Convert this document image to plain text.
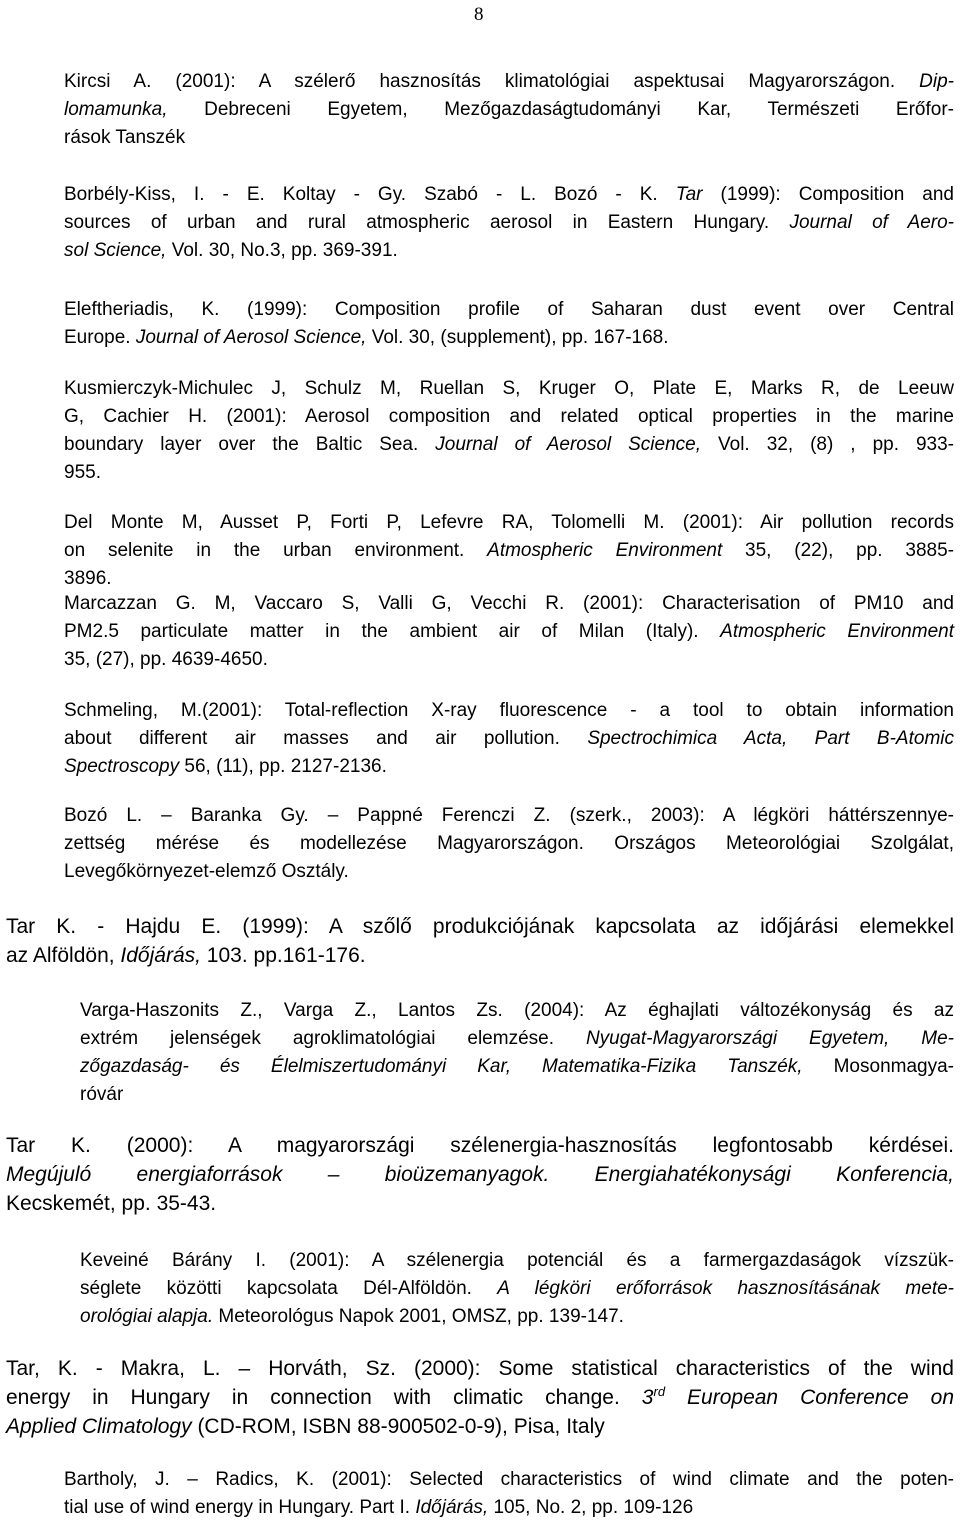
8
Kircsi A. (2001): A szélerő hasznosítás klimatológiai aspektusai Magyarországon. Dip-
lomamunka, Debreceni Egyetem, Mezőgazdaságtudományi Kar, Természeti Erőfor-
rások Tanszék
Borbély-Kiss, I. - E. Koltay - Gy. Szabó - L. Bozó - K. Tar (1999): Composition and
sources of urban and rural atmospheric aerosol in Eastern Hungary. Journal of Aero-
sol Science, Vol. 30, No.3, pp. 369-391.
Eleftheriadis, K. (1999): Composition profile of Saharan dust event over Central
Europe. Journal of Aerosol Science, Vol. 30, (supplement), pp. 167-168.
Kusmierczyk-Michulec J, Schulz M, Ruellan S, Kruger O, Plate E, Marks R, de Leeuw
G, Cachier H. (2001): Aerosol composition and related optical properties in the marine
boundary layer over the Baltic Sea. Journal of Aerosol Science, Vol. 32, (8) , pp. 933-
955.
Del Monte M, Ausset P, Forti P, Lefevre RA, Tolomelli M. (2001): Air pollution records
on selenite in the urban environment. Atmospheric Environment 35, (22), pp. 3885-
3896.
Marcazzan G. M, Vaccaro S, Valli G, Vecchi R. (2001): Characterisation of PM10 and
PM2.5 particulate matter in the ambient air of Milan (Italy). Atmospheric Environment
35, (27), pp. 4639-4650.
Schmeling, M.(2001): Total-reflection X-ray fluorescence - a tool to obtain information
about different air masses and air pollution. Spectrochimica Acta, Part B-Atomic
Spectroscopy 56, (11), pp. 2127-2136.
Bozó L. – Baranka Gy. – Pappné Ferenczi Z. (szerk., 2003): A légköri háttérszennye-
zettség mérése és modellezése Magyarországon. Országos Meteorológiai Szolgálat,
Levegőkörnyezet-elemző Osztály.
Tar K. - Hajdu E. (1999): A szőlő produkciójának kapcsolata az időjárási elemekkel
az Alföldön, Időjárás, 103. pp.161-176.
Varga-Haszonits Z., Varga Z., Lantos Zs. (2004): Az éghajlati változékonyság és az
extrém jelenségek agroklimatológiai elemzése. Nyugat-Magyarországi Egyetem, Me-
zőgazdaság- és Élelmiszertudományi Kar, Matematika-Fizika Tanszék, Mosonmagya-
róvár
Tar K. (2000): A magyarországi szélenergia-hasznosítás legfontosabb kérdései.
Megújuló energiaforrások – bioüzemanyagok. Energiahatékonysági Konferencia,
Kecskemét, pp. 35-43.
Keveiné Bárány I. (2001): A szélenergia potenciál és a farmergazdaságok vízszük-
séglete közötti kapcsolata Dél-Alföldön. A légköri erőforrások hasznosításának mete-
orológiai alapja. Meteorológus Napok 2001, OMSZ, pp. 139-147.
Tar, K. - Makra, L. – Horváth, Sz. (2000): Some statistical characteristics of the wind
energy in Hungary in connection with climatic change. 3rd European Conference on
Applied Climatology (CD-ROM, ISBN 88-900502-0-9), Pisa, Italy
Bartholy, J. – Radics, K. (2001): Selected characteristics of wind climate and the poten-
tial use of wind energy in Hungary. Part I. Időjárás, 105, No. 2, pp. 109-126
